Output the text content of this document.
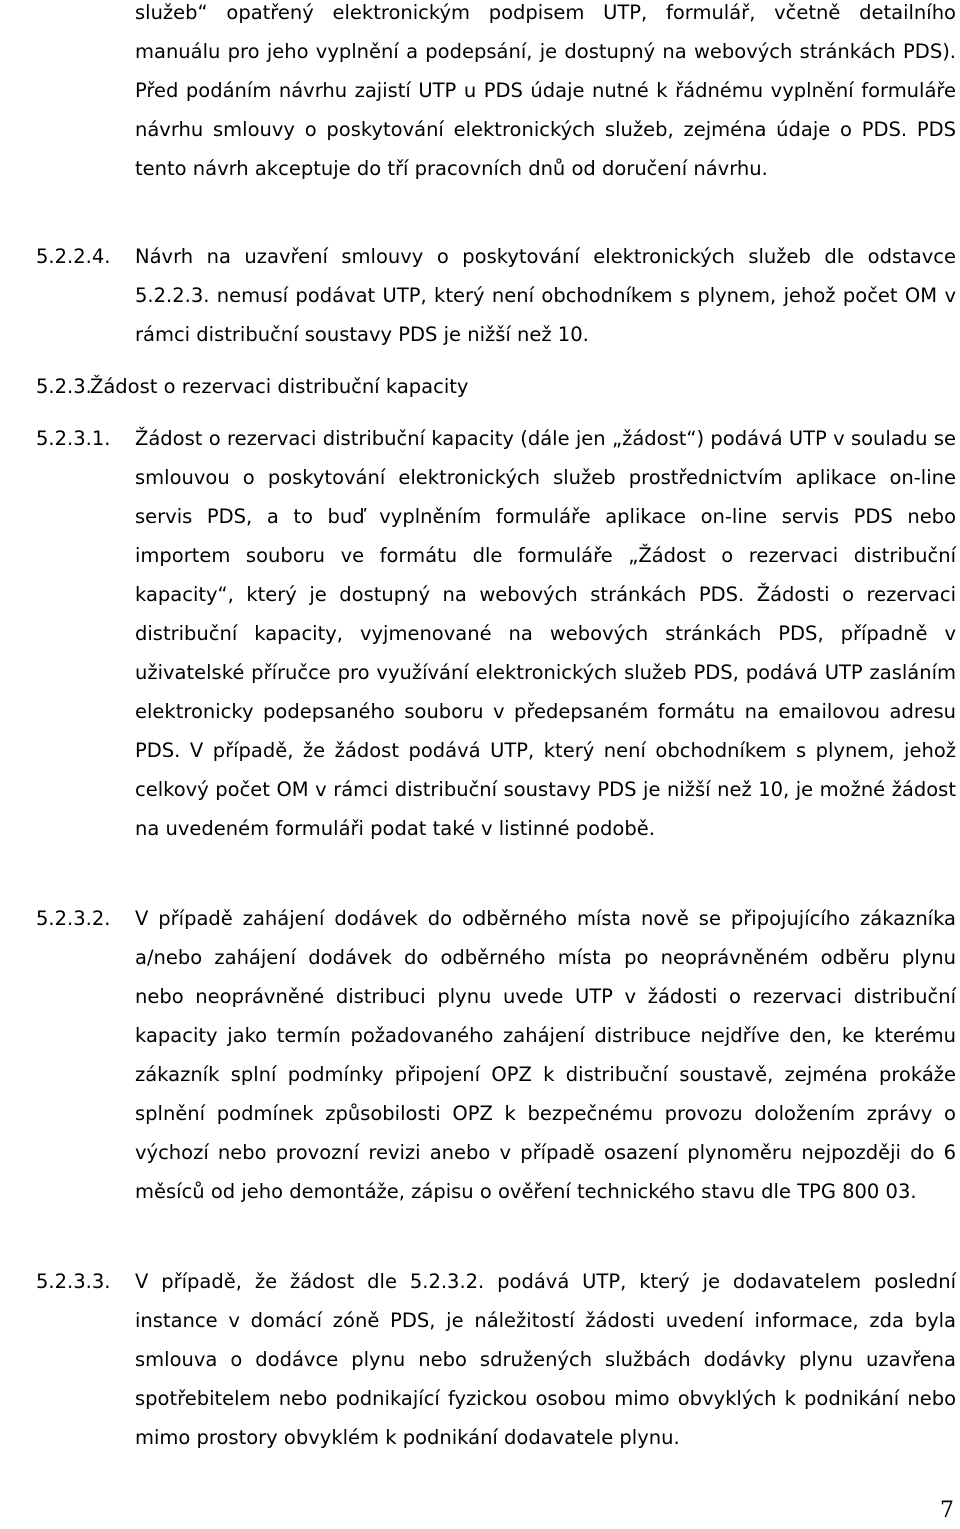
služeb“ opatřený elektronickým podpisem UTP, formulář, včetně detailního manuálu pro jeho vyplnění a podepsání, je dostupný na webových stránkách PDS). Před podáním návrhu zajistí UTP u PDS údaje nutné k řádnému vyplnění formuláře návrhu smlouvy o poskytování elektronických služeb, zejména údaje o PDS. PDS tento návrh akceptuje do tří pracovních dnů od doručení návrhu.

5.2.2.4. Návrh na uzavření smlouvy o poskytování elektronických služeb dle odstavce 5.2.2.3. nemusí podávat UTP, který není obchodníkem s plynem, jehož počet OM v rámci distribuční soustavy PDS je nižší než 10.

5.2.3.
Žádost o rezervaci distribuční kapacity
5.2.3.1. Žádost o rezervaci distribuční kapacity (dále jen „žádost“) podává UTP v souladu se smlouvou o poskytování elektronických služeb prostřednictvím aplikace on-line servis PDS, a to buď vyplněním formuláře aplikace on-line servis PDS nebo importem souboru ve formátu dle formuláře „Žádost o rezervaci distribuční kapacity“, který je dostupný na webových stránkách PDS. Žádosti o rezervaci distribuční kapacity, vyjmenované na webových stránkách PDS, případně v uživatelské příručce pro využívání elektronických služeb PDS, podává UTP zasláním elektronicky podepsaného souboru v předepsaném formátu na emailovou adresu PDS. V případě, že žádost podává UTP, který není obchodníkem s plynem, jehož celkový počet OM v rámci distribuční soustavy PDS je nižší než 10, je možné žádost na uvedeném formuláři podat také v listinné podobě.

5.2.3.2. V případě zahájení dodávek do odběrného místa nově se připojujícího zákazníka a/nebo zahájení dodávek do odběrného místa po neoprávněném odběru plynu nebo neoprávněné distribuci plynu uvede UTP v žádosti o rezervaci distribuční kapacity jako termín požadovaného zahájení distribuce nejdříve den, ke kterému zákazník splní podmínky připojení OPZ k distribuční soustavě, zejména prokáže splnění podmínek způsobilosti OPZ k bezpečnému provozu doložením zprávy o výchozí nebo provozní revizi anebo v případě osazení plynoměru nejpozději do 6 měsíců od jeho demontáže, zápisu o ověření technického stavu dle TPG 800 03.

5.2.3.3. V případě, že žádost dle 5.2.3.2. podává UTP, který je dodavatelem poslední instance v domácí zóně PDS, je náležitostí žádosti uvedení informace, zda byla smlouva o dodávce plynu nebo sdružených službách dodávky plynu uzavřena spotřebitelem nebo podnikající fyzickou osobou mimo obvyklých k podnikání nebo mimo prostory obvyklém k podnikání dodavatele plynu.

7
